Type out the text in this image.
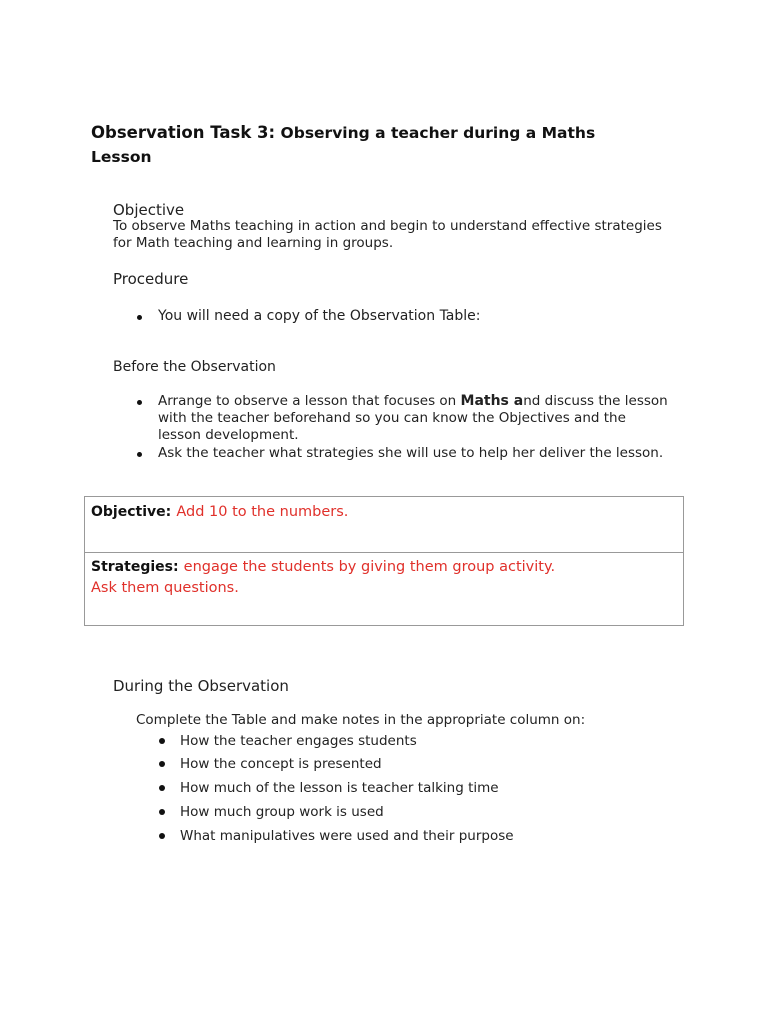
Observation Task 3: Observing a teacher during a Maths
Lesson
Objective
To observe Maths teaching in action and begin to understand effective strategies
for Math teaching and learning in groups.
Procedure
You will need a copy of the Observation Table:
Before the Observation
Arrange to observe a lesson that focuses on Maths and discuss the lesson
with the teacher beforehand so you can know the Objectives and the
lesson development.
Ask the teacher what strategies she will use to help her deliver the lesson.
Objective: Add 10 to the numbers.
Strategies: engage the students by giving them group activity.
Ask them questions.
During the Observation
Complete the Table and make notes in the appropriate column on:
How the teacher engages students
How the concept is presented
How much of the lesson is teacher talking time
How much group work is used
What manipulatives were used and their purpose
